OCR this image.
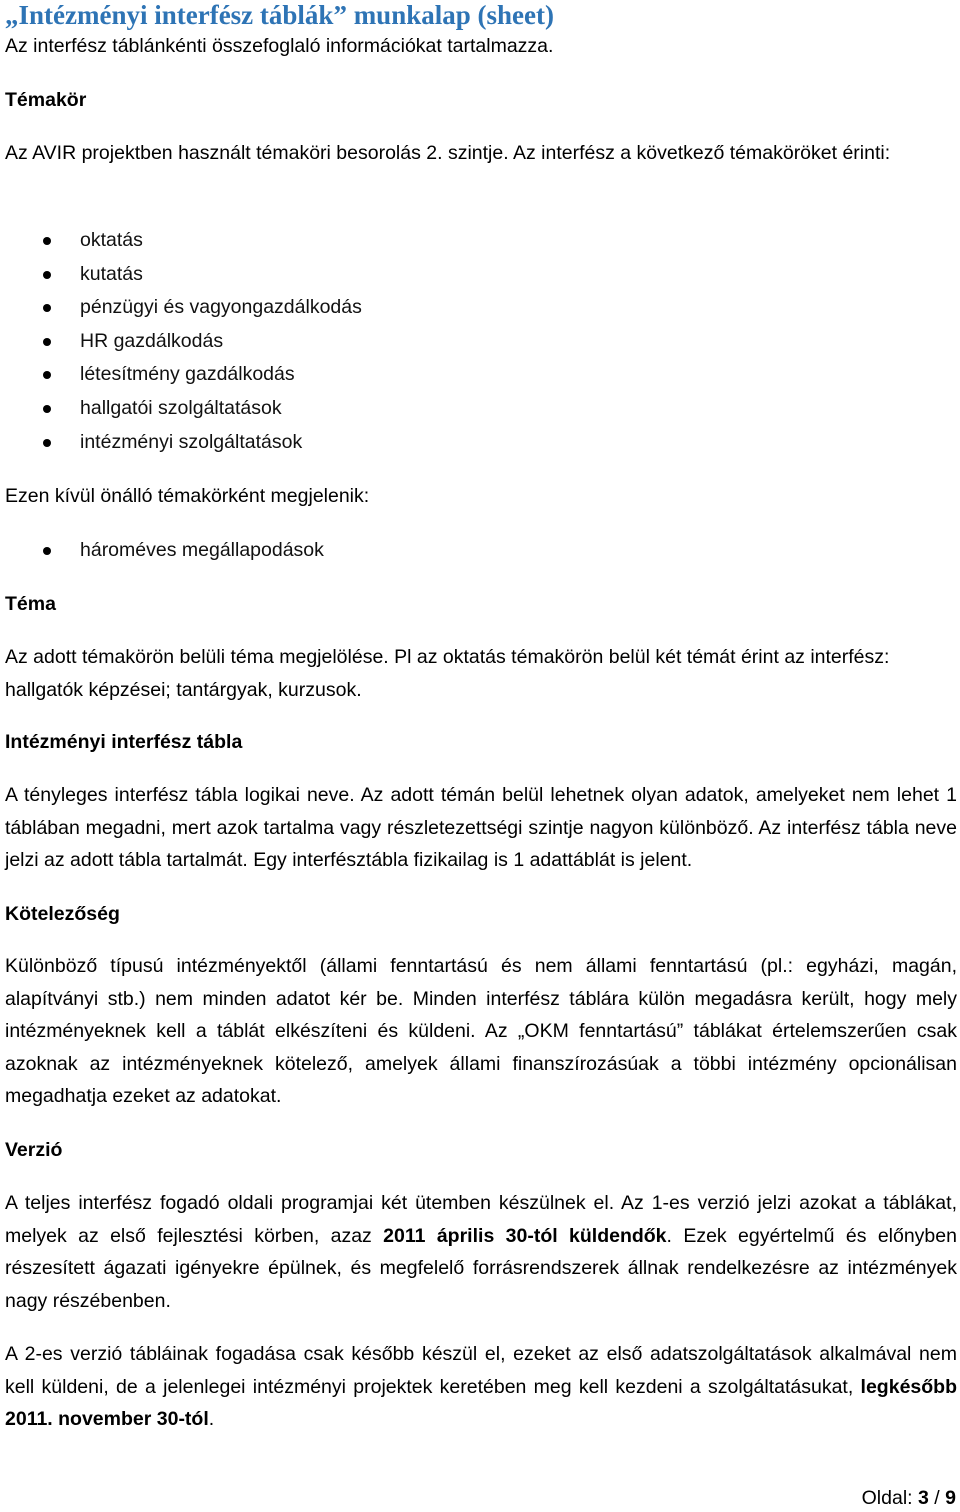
„Intézményi interfész táblák” munkalap (sheet)

Az interfész táblánkénti összefoglaló információkat tartalmazza.

Témakör

Az AVIR projektben használt témaköri besorolás 2. szintje. Az interfész a következő témaköröket érinti:

oktatás
kutatás
pénzügyi és vagyongazdálkodás
HR gazdálkodás
létesítmény gazdálkodás
hallgatói szolgáltatások
intézményi szolgáltatások

Ezen kívül önálló témakörként megjelenik:

hároméves megállapodások

Téma

Az adott témakörön belüli téma megjelölése. Pl az oktatás témakörön belül két témát érint az interfész: hallgatók képzései; tantárgyak, kurzusok.

Intézményi interfész tábla

A tényleges interfész tábla logikai neve. Az adott témán belül lehetnek olyan adatok, amelyeket nem lehet 1 táblában megadni, mert azok tartalma vagy részletezettségi szintje nagyon különböző. Az interfész tábla neve jelzi az adott tábla tartalmát. Egy interfésztábla fizikailag is 1 adattáblát is jelent.

Kötelezőség

Különböző típusú intézményektől (állami fenntartású és nem állami fenntartású (pl.: egyházi, magán, alapítványi stb.) nem minden adatot kér be. Minden interfész táblára külön megadásra került, hogy mely intézményeknek kell a táblát elkészíteni és küldeni. Az „OKM fenntartású” táblákat értelemszerűen csak azoknak az intézményeknek kötelező, amelyek állami finanszírozásúak a többi intézmény opcionálisan megadhatja ezeket az adatokat.

Verzió

A teljes interfész fogadó oldali programjai két ütemben készülnek el. Az 1-es verzió jelzi azokat a táblákat, melyek az első fejlesztési körben, azaz 2011 április 30-tól küldendők. Ezek egyértelmű és előnyben részesített ágazati igényekre épülnek, és megfelelő forrásrendszerek állnak rendelkezésre az intézmények nagy részébenben.

A 2-es verzió tábláinak fogadása csak később készül el, ezeket az első adatszolgáltatások alkalmával nem kell küldeni, de a jelenlegei intézményi projektek keretében meg kell kezdeni a szolgáltatásukat, legkésőbb 2011. november 30-tól.

Oldal: 3 / 9
